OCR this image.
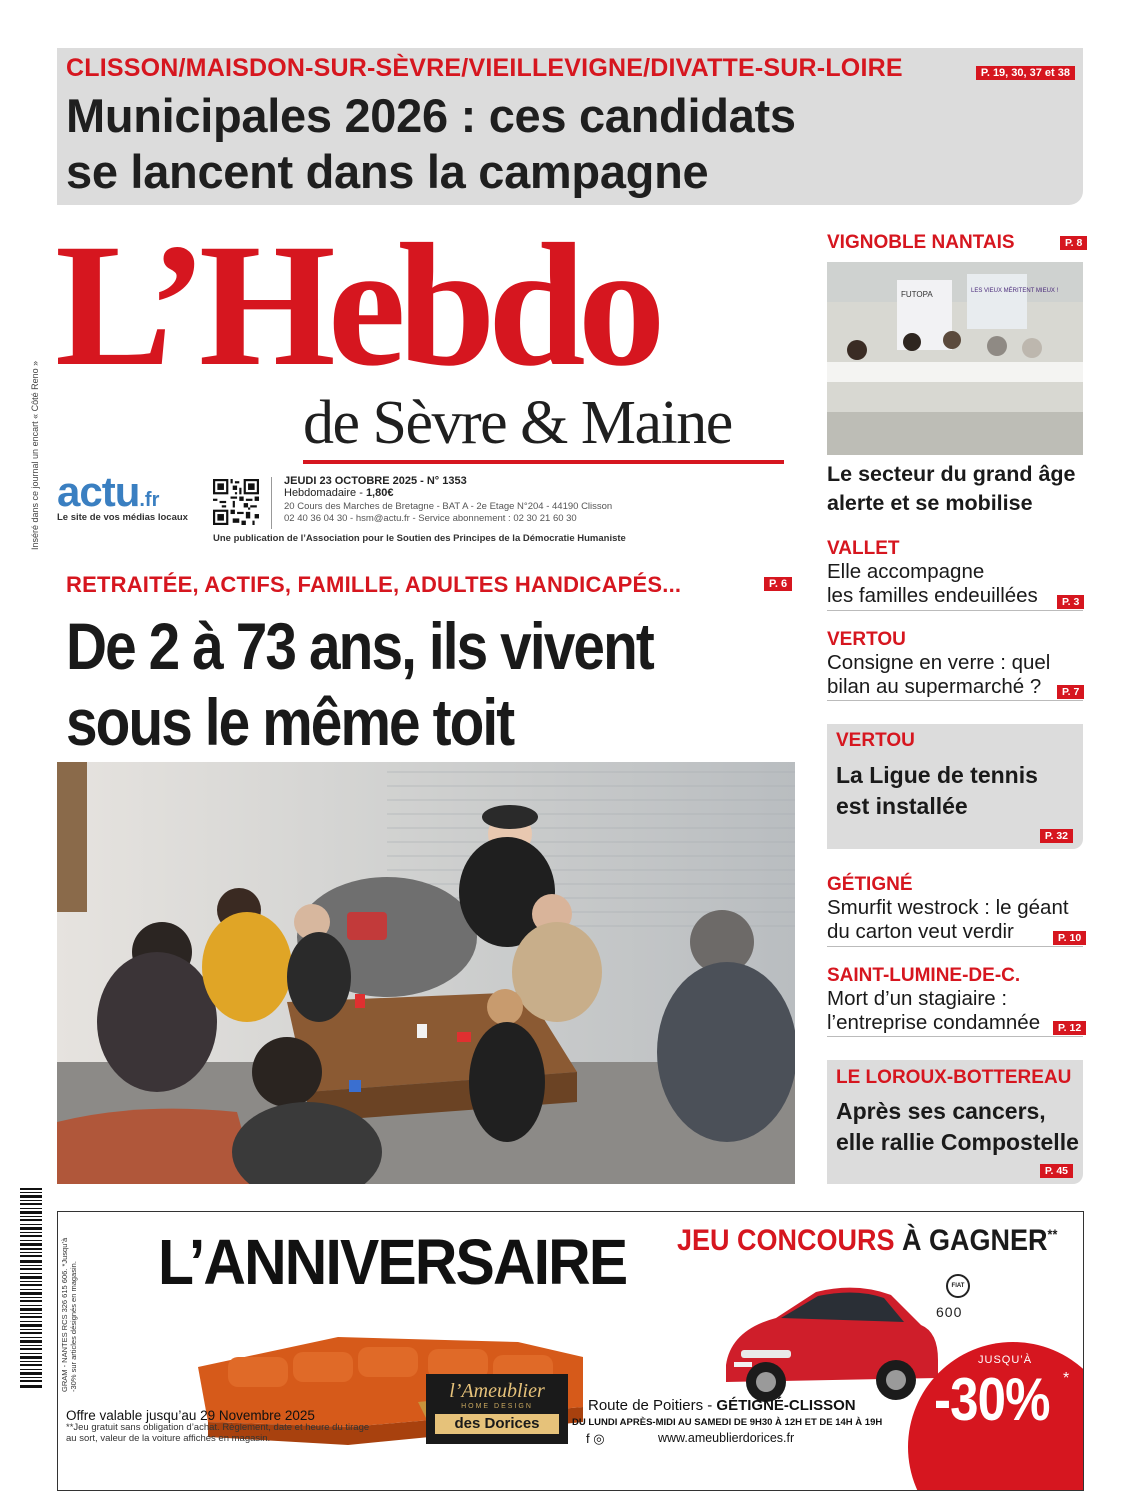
CLISSON/MAISDON-SUR-SÈVRE/VIEILLEVIGNE/DIVATTE-SUR-LOIRE	P. 19, 30, 37 et 38
Municipales 2026 : ces candidats
se lancent dans la campagne
Inséré dans ce journal un encart « Côté Reno »
L’Hebdo
de Sèvre & Maine
actu.fr
Le site de vos médias locaux
JEUDI 23 OCTOBRE 2025 - N° 1353
Hebdomadaire - 1,80€
20 Cours des Marches de Bretagne - BAT A - 2e Etage N°204 - 44190 Clisson
02 40 36 04 30 - hsm@actu.fr - Service abonnement : 02 30 21 60 30
Une publication de l’Association pour le Soutien des Principes de la Démocratie Humaniste
RETRAITÉE, ACTIFS, FAMILLE, ADULTES HANDICAPÉS...	P. 6
De 2 à 73 ans, ils vivent
sous le même toit
VIGNOBLE NANTAIS	P. 8
FUTOPA	LES VIEUX MÉRITENT MIEUX !
Le secteur du grand âge
alerte et se mobilise
VALLET
Elle accompagne
les familles endeuillées	P. 3
VERTOU
Consigne en verre : quel
bilan au supermarché ?	P. 7
VERTOU
La Ligue de tennis
est installée
P. 32
GÉTIGNÉ
Smurfit westrock : le géant
du carton veut verdir	P. 10
SAINT-LUMINE-DE-C.
Mort d’un stagiaire :
l’entreprise condamnée	P. 12
LE LOROUX-BOTTEREAU
Après ses cancers,
elle rallie Compostelle
P. 45
GRAM - NANTES RCS 326 615 606. *Jusqu’à -30% sur articles désignés en magasin. L’ANNIVERSAIRE JEU CONCOURS À GAGNER**
FIAT
600
JUSQU’À
-30% *
Offre valable jusqu’au 29 Novembre 2025
**Jeu gratuit sans obligation d’achat. Règlement, date et heure du tirage
au sort, valeur de la voiture affichés en magasin.
l’Ameublier
HOME DESIGN
des Dorices
Route de Poitiers - GÉTIGNÉ-CLISSON
DU LUNDI APRÈS-MIDI AU SAMEDI DE 9H30 À 12H ET DE 14H À 19H
f ◎	www.ameublierdorices.fr
